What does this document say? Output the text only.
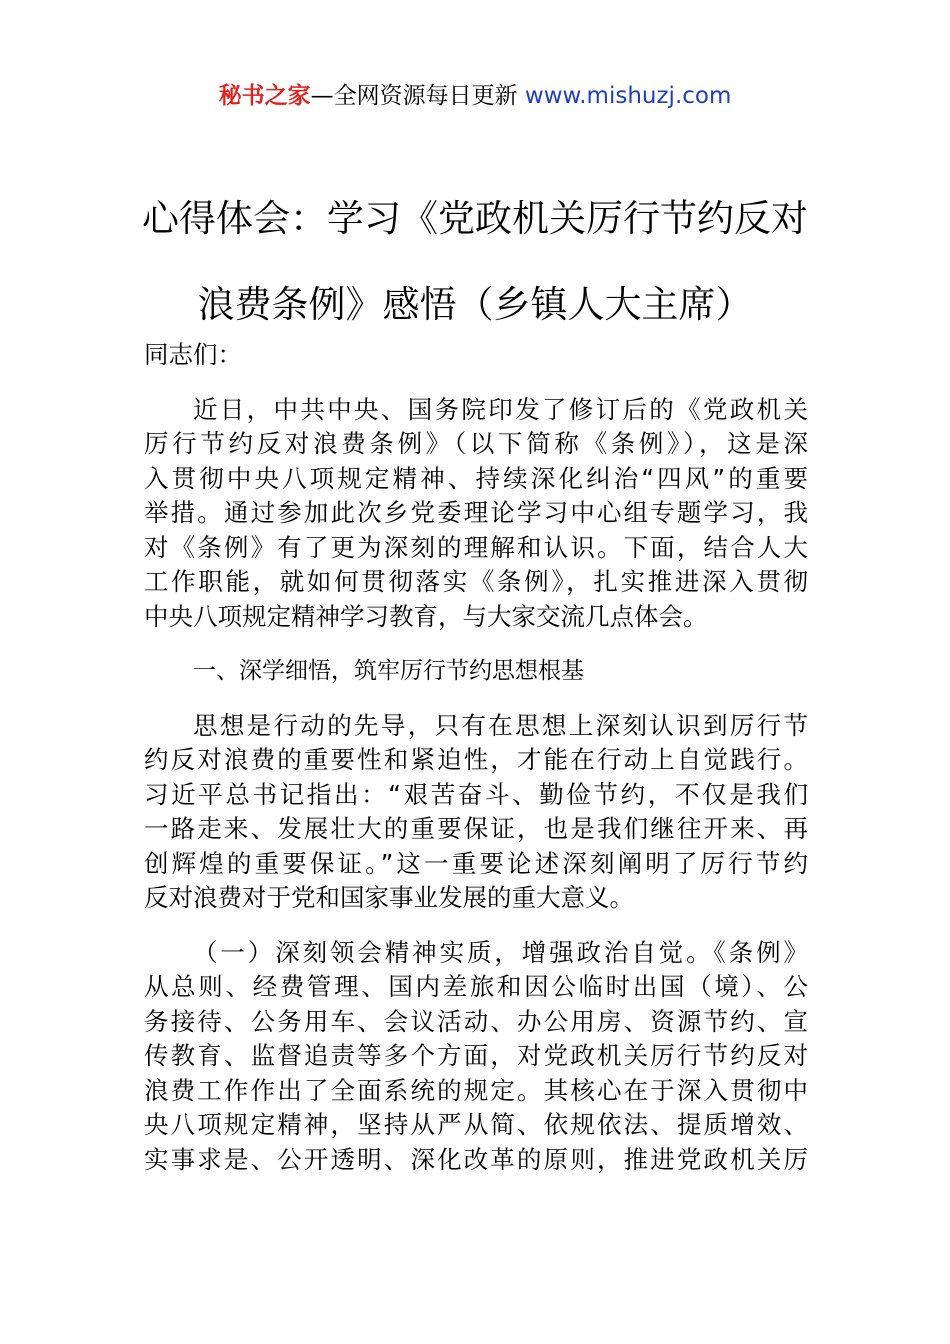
秘书之家—全网资源每日更新 www.mishuzj.com
心得体会：学习《党政机关厉行节约反对
浪费条例》感悟（乡镇人大主席）

同志们：

近日，中共中央、国务院印发了修订后的《党政机关
厉行节约反对浪费条例》（以下简称《条例》），这是深
入贯彻中央八项规定精神、持续深化纠治“四风”的重要
举措。通过参加此次乡党委理论学习中心组专题学习，我
对《条例》有了更为深刻的理解和认识。下面，结合人大
工作职能，就如何贯彻落实《条例》，扎实推进深入贯彻
中央八项规定精神学习教育，与大家交流几点体会。

一、深学细悟，筑牢厉行节约思想根基

思想是行动的先导，只有在思想上深刻认识到厉行节
约反对浪费的重要性和紧迫性，才能在行动上自觉践行。
习近平总书记指出：“艰苦奋斗、勤俭节约，不仅是我们
一路走来、发展壮大的重要保证，也是我们继往开来、再
创辉煌的重要保证。”这一重要论述深刻阐明了厉行节约
反对浪费对于党和国家事业发展的重大意义。

（一）深刻领会精神实质，增强政治自觉。《条例》
从总则、经费管理、国内差旅和因公临时出国（境）、公
务接待、公务用车、会议活动、办公用房、资源节约、宣
传教育、监督追责等多个方面，对党政机关厉行节约反对
浪费工作作出了全面系统的规定。其核心在于深入贯彻中
央八项规定精神，坚持从严从简、依规依法、提质增效、
实事求是、公开透明、深化改革的原则，推进党政机关厉
